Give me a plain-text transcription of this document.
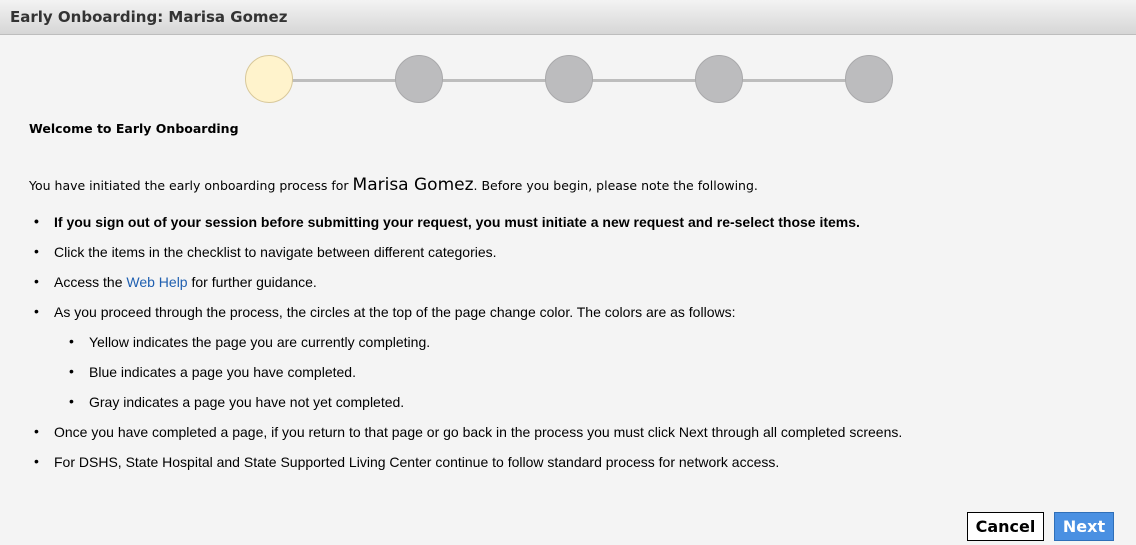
Early Onboarding: Marisa Gomez
Welcome to Early Onboarding
You have initiated the early onboarding process for Marisa Gomez. Before you begin, please note the following.
• If you sign out of your session before submitting your request, you must initiate a new request and re-select those items.
• Click the items in the checklist to navigate between different categories.
• Access the Web Help for further guidance.
• As you proceed through the process, the circles at the top of the page change color. The colors are as follows:
• Yellow indicates the page you are currently completing.
• Blue indicates a page you have completed.
• Gray indicates a page you have not yet completed.
• Once you have completed a page, if you return to that page or go back in the process you must click Next through all completed screens.
• For DSHS, State Hospital and State Supported Living Center continue to follow standard process for network access.
Cancel	Next
